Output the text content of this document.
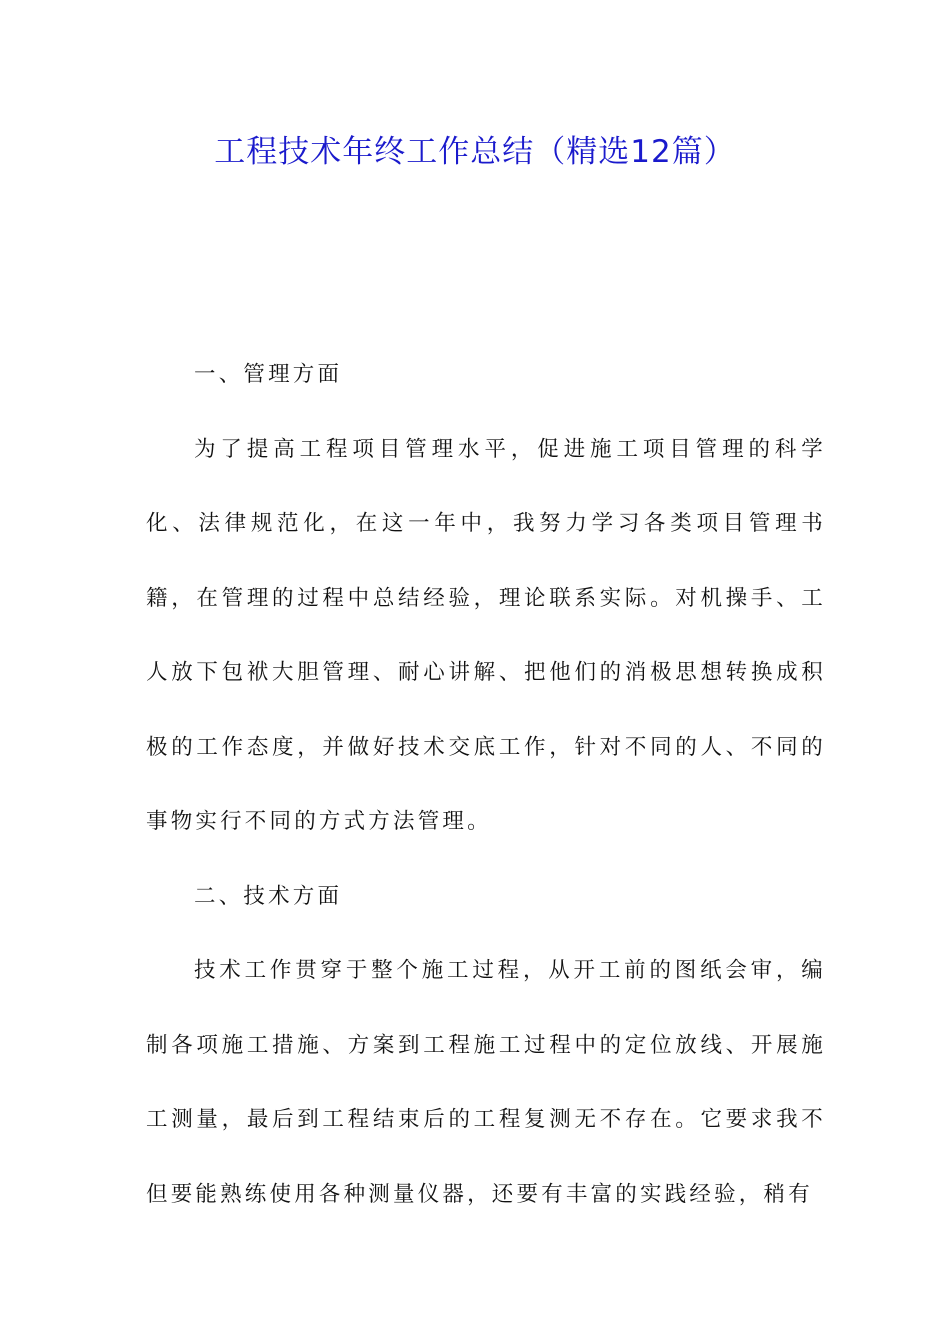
工程技术年终工作总结（精选12篇）

一、管理方面

为了提高工程项目管理水平，促进施工项目管理的科学化、法律规范化，在这一年中，我努力学习各类项目管理书籍，在管理的过程中总结经验，理论联系实际。对机操手、工人放下包袱大胆管理、耐心讲解、把他们的消极思想转换成积极的工作态度，并做好技术交底工作，针对不同的人、不同的事物实行不同的方式方法管理。

二、技术方面

技术工作贯穿于整个施工过程，从开工前的图纸会审，编制各项施工措施、方案到工程施工过程中的定位放线、开展施工测量，最后到工程结束后的工程复测无不存在。它要求我不但要能熟练使用各种测量仪器，还要有丰富的实践经验，稍有
